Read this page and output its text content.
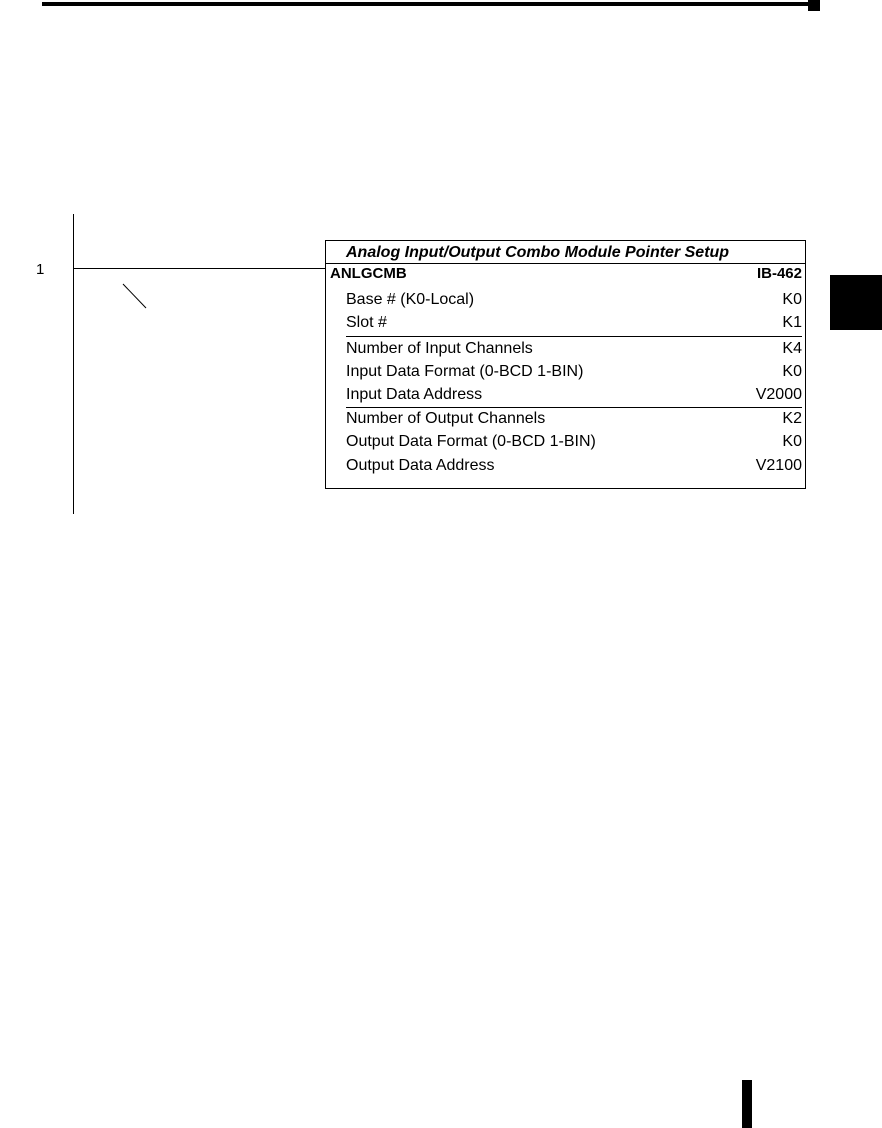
1
Analog Input/Output Combo Module Pointer Setup
ANLGCMB	IB-462
Base # (K0-Local)	K0
Slot #	K1
Number of Input Channels	K4
Input Data Format (0-BCD 1-BIN)	K0
Input Data Address	V2000
Number of Output Channels	K2
Output Data Format (0-BCD 1-BIN)	K0
Output Data Address	V2100
